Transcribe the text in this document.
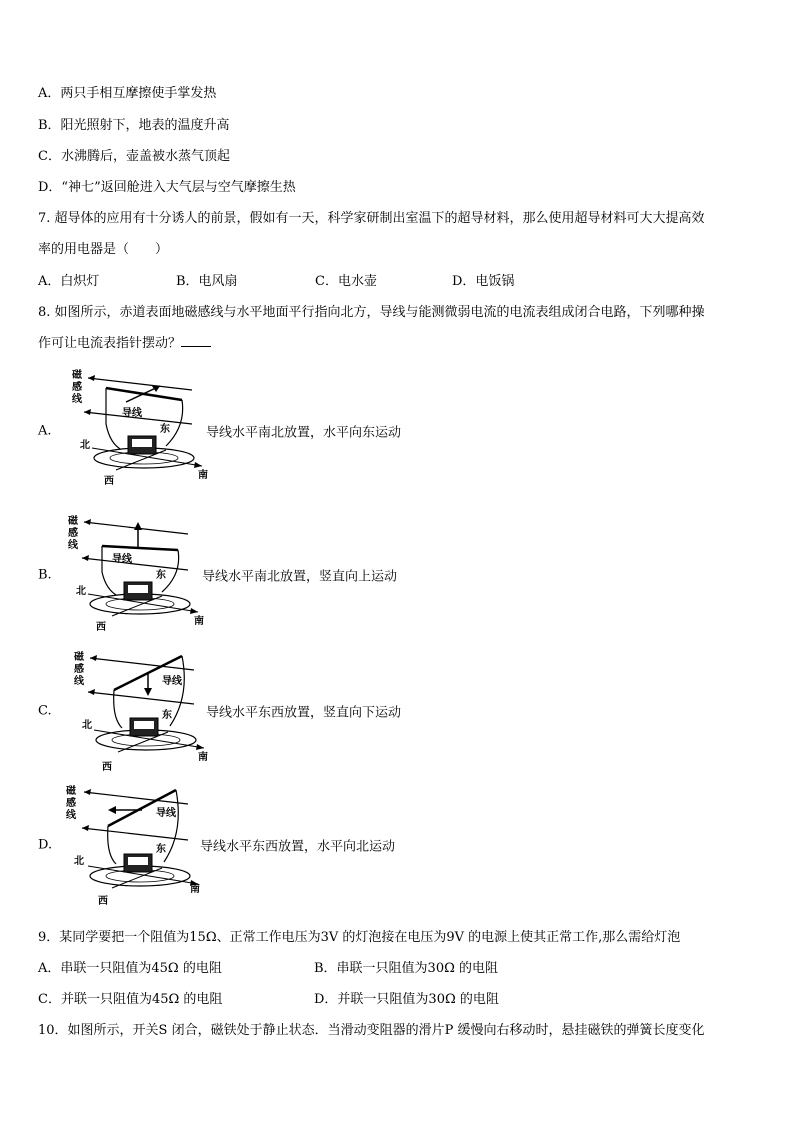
A．两只手相互摩擦使手掌发热
B．阳光照射下，地表的温度升高
C．水沸腾后，壶盖被水蒸气顶起
D．“神七”返回舱进入大气层与空气摩擦生热
7. 超导体的应用有十分诱人的前景，假如有一天，科学家研制出室温下的超导材料，那么使用超导材料可大大提高效
率的用电器是（　　）
A．白炽灯	B．电风扇	C．电水壶	D．电饭锅
8. 如图所示，赤道表面地磁感线与水平地面平行指向北方，导线与能测微弱电流的电流表组成闭合电路，下列哪种操
作可让电流表指针摆动？
A.
磁
感
线
导线
东
北
南
西
导线水平南北放置，水平向东运动
B.
磁
感
线
导线
东
北
南
西
导线水平南北放置，竖直向上运动
C.
磁
感
线	导线
东
北
南
西
导线水平东西放置，竖直向下运动
D.
磁
感
线	导线
东
北
南
西
导线水平东西放置，水平向北运动
9．某同学要把一个阻值为15Ω、正常工作电压为3V 的灯泡接在电压为9V 的电源上使其正常工作,那么需给灯泡
A．串联一只阻值为45Ω 的电阻	B．串联一只阻值为30Ω 的电阻
C．并联一只阻值为45Ω 的电阻	D．并联一只阻值为30Ω 的电阻
10．如图所示，开关S 闭合，磁铁处于静止状态．当滑动变阻器的滑片P 缓慢向右移动时，悬挂磁铁的弹簧长度变化
